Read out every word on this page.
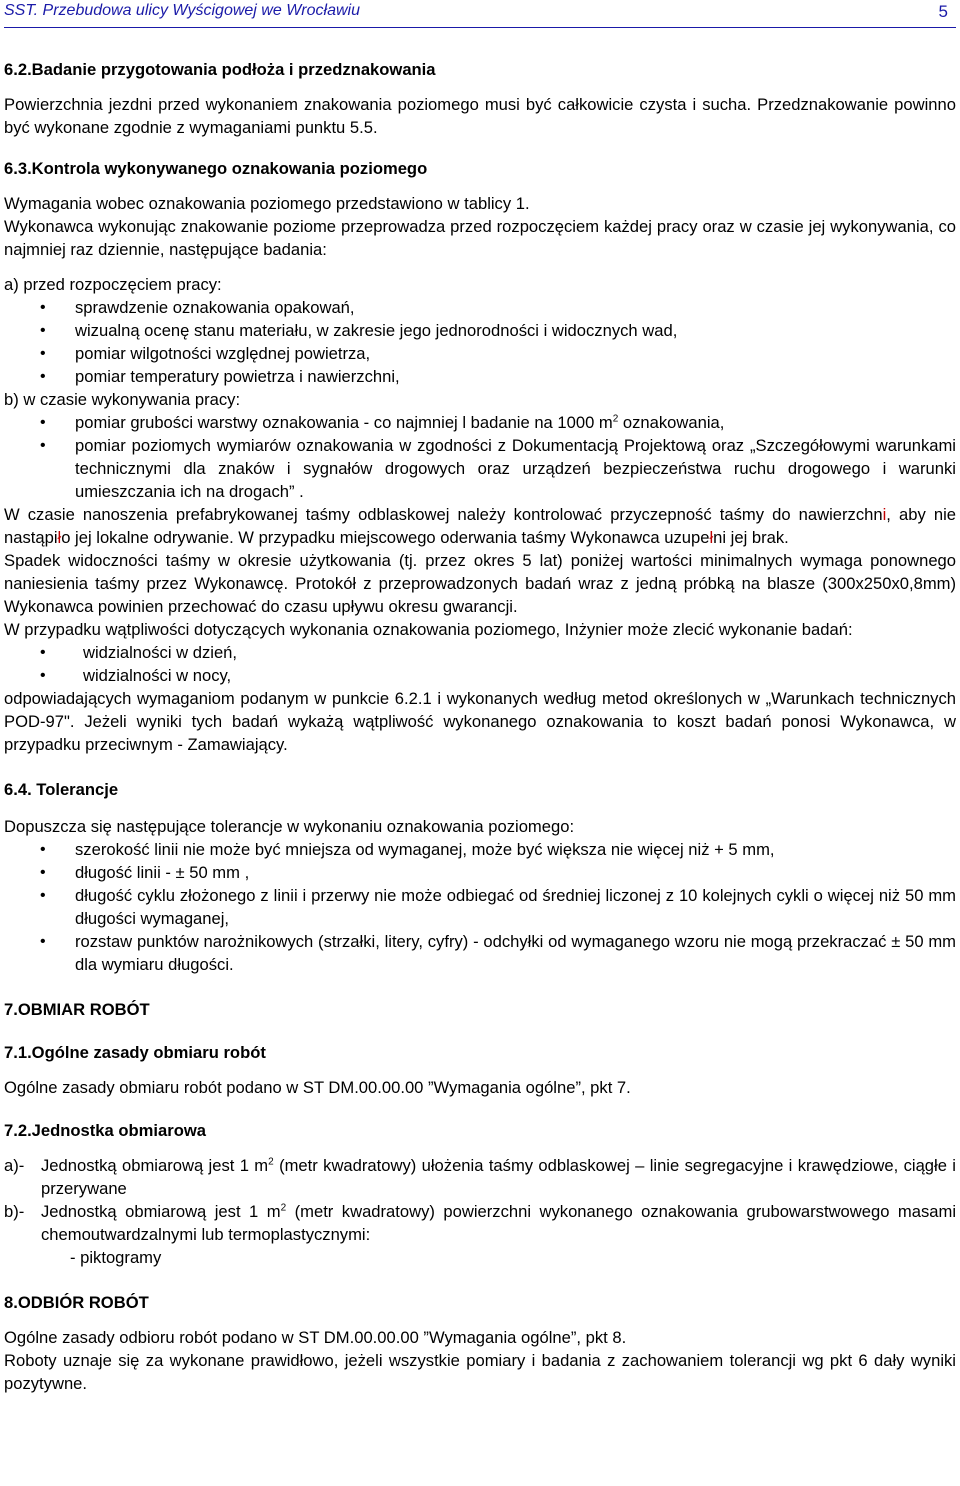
SST. Przebudowa ulicy Wyścigowej we Wrocławiu	5

6.2.Badanie przygotowania podłoża i przedznakowania

Powierzchnia jezdni przed wykonaniem znakowania poziomego musi być całkowicie czysta i sucha. Przedznakowanie powinno być wykonane zgodnie z wymaganiami punktu 5.5.

6.3.Kontrola wykonywanego oznakowania poziomego

Wymagania wobec oznakowania poziomego przedstawiono w tablicy 1.

Wykonawca wykonując znakowanie poziome przeprowadza przed rozpoczęciem każdej pracy oraz w czasie jej wykonywania, co najmniej raz dziennie, następujące badania:

a) przed rozpoczęciem pracy:

• sprawdzenie oznakowania opakowań,
• wizualną ocenę stanu materiału, w zakresie jego jednorodności i widocznych wad,
• pomiar wilgotności względnej powietrza,
• pomiar temperatury powietrza i nawierzchni,

b) w czasie wykonywania pracy:

• pomiar grubości warstwy oznakowania - co najmniej l badanie na 1000 $m^2$ oznakowania,
• pomiar poziomych wymiarów oznakowania w zgodności z Dokumentacją Projektową oraz „Szczegółowymi warunkami technicznymi dla znaków i sygnałów drogowych oraz urządzeń bezpieczeństwa ruchu drogowego i warunki umieszczania ich na drogach” .

W czasie nanoszenia prefabrykowanej taśmy odblaskowej należy kontrolować przyczepność taśmy do nawierzchni, aby nie nastąpiło jej lokalne odrywanie. W przypadku miejscowego oderwania taśmy Wykonawca uzupełni jej brak.

Spadek widoczności taśmy w okresie użytkowania (tj. przez okres 5 lat) poniżej wartości minimalnych wymaga ponownego naniesienia taśmy przez Wykonawcę. Protokół z przeprowadzonych badań wraz z jedną próbką na blasze (300x250x0,8mm) Wykonawca powinien przechować do czasu upływu okresu gwarancji.

W przypadku wątpliwości dotyczących wykonania oznakowania poziomego, Inżynier może zlecić wykonanie badań:

• widzialności w dzień,
• widzialności w nocy,

odpowiadających wymaganiom podanym w punkcie 6.2.1 i wykonanych według metod określonych w „Warunkach technicznych POD-97". Jeżeli wyniki tych badań wykażą wątpliwość wykonanego oznakowania to koszt badań ponosi Wykonawca, w przypadku przeciwnym - Zamawiający.

6.4. Tolerancje

Dopuszcza się następujące tolerancje w wykonaniu oznakowania poziomego:

• szerokość linii nie może być mniejsza od wymaganej, może być większa nie więcej niż + 5 mm,
• długość linii - ± 50 mm ,
• długość cyklu złożonego z linii i przerwy nie może odbiegać od średniej liczonej z 10 kolejnych cykli o więcej niż 50 mm długości wymaganej,
• rozstaw punktów narożnikowych (strzałki, litery, cyfry) - odchyłki od wymaganego wzoru nie mogą przekraczać ± 50 mm dla wymiaru długości.

7.OBMIAR ROBÓT

7.1.Ogólne zasady obmiaru robót

Ogólne zasady obmiaru robót podano w ST DM.00.00.00 ”Wymagania ogólne”, pkt 7.

7.2.Jednostka obmiarowa

a)- Jednostką obmiarową jest 1 $m^2$ (metr kwadratowy) ułożenia taśmy odblaskowej – linie segregacyjne i krawędziowe, ciągłe i przerywane
b)- Jednostką obmiarową jest 1 $m^2$ (metr kwadratowy) powierzchni wykonanego oznakowania grubowarstwowego masami chemoutwardzalnymi lub termoplastycznymi:

- piktogramy

8.ODBIÓR ROBÓT

Ogólne zasady odbioru robót podano w ST DM.00.00.00 ”Wymagania ogólne”, pkt 8.

Roboty uznaje się za wykonane prawidłowo, jeżeli wszystkie pomiary i badania z zachowaniem tolerancji wg pkt 6 dały wyniki pozytywne.
